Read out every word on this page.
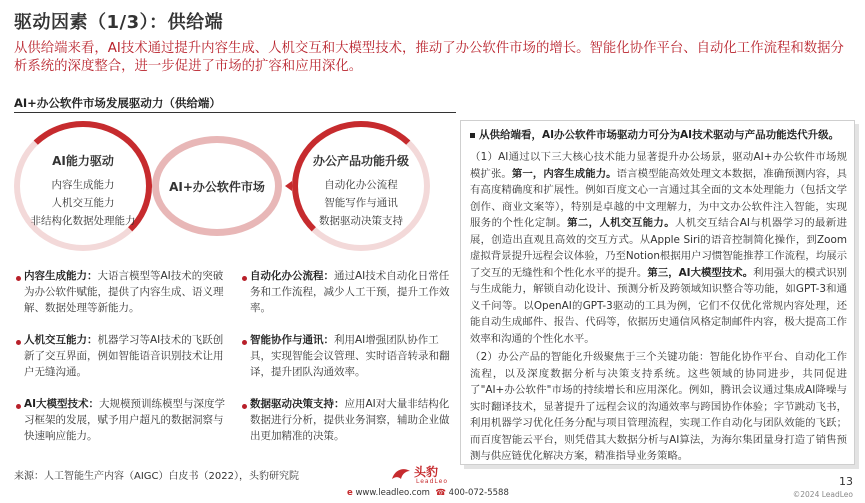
驱动因素（1/3）：供给端
从供给端来看，AI技术通过提升内容生成、人机交互和大模型技术，推动了办公软件市场的增长。智能化协作平台、自动化工作流程和数据分析系统的深度整合，进一步促进了市场的扩容和应用深化。
AI+办公软件市场发展驱动力（供给端）
AI能力驱动
内容生成能力
人机交互能力
非结构化数据处理能力
AI+办公软件市场
办公产品功能升级
自动化办公流程
智能写作与通讯
数据驱动决策支持
内容生成能力：大语言模型等AI技术的突破为办公软件赋能，提供了内容生成、语义理解、数据处理等新能力。
自动化办公流程：通过AI技术自动化日常任务和工作流程，减少人工干预，提升工作效率。
人机交互能力：机器学习等AI技术的飞跃创新了交互界面，例如智能语音识别技术让用户无缝沟通。
智能协作与通讯：利用AI增强团队协作工具，实现智能会议管理、实时语音转录和翻译，提升团队沟通效率。
AI大模型技术：大规模预训练模型与深度学习框架的发展，赋予用户超凡的数据洞察与快速响应能力。
数据驱动决策支持：应用AI对大量非结构化数据进行分析，提供业务洞察，辅助企业做出更加精准的决策。
从供给端看，AI办公软件市场驱动力可分为AI技术驱动与产品功能迭代升级。
（1）AI通过以下三大核心技术能力显著提升办公场景，驱动AI+办公软件市场规模扩张。第一，内容生成能力。语言模型能高效处理文本数据，准确预测内容，具有高度精确度和扩展性。例如百度文心一言通过其全面的文本处理能力（包括文学创作、商业文案等），特别是卓越的中文理解力，为中文办公软件注入智能，实现服务的个性化定制。第二，人机交互能力。人机交互结合AI与机器学习的最新进展，创造出直观且高效的交互方式。从Apple Siri的语音控制简化操作，到Zoom虚拟背景提升远程会议体验，乃至Notion根据用户习惯智能推荐工作流程，均展示了交互的无缝性和个性化水平的提升。第三，AI大模型技术。利用强大的模式识别与生成能力，解锁自动化设计、预测分析及跨领域知识整合等功能，如GPT-3和通义千问等。以OpenAI的GPT-3驱动的工具为例，它们不仅优化常规内容处理，还能自动生成邮件、报告、代码等，依据历史通信风格定制邮件内容，极大提高工作效率和沟通的个性化水平。
（2）办公产品的智能化升级聚焦于三个关键功能：智能化协作平台、自动化工作流程，以及深度数据分析与决策支持系统。这些领域的协同进步，共同促进了"AI+办公软件"市场的持续增长和应用深化。例如，腾讯会议通过集成AI降噪与实时翻译技术，显著提升了远程会议的沟通效率与跨国协作体验；字节跳动飞书，利用机器学习优化任务分配与项目管理流程，实现工作自动化与团队效能的飞跃；而百度智能云平台，则凭借其大数据分析与AI算法，为海尔集团量身打造了销售预测与供应链优化解决方案，精准指导业务策略。
来源：人工智能生产内容（AIGC）白皮书（2022），头豹研究院	头豹
LeadLeo
e www.leadleo.com ☎ 400-072-5588
13
©2024 LeadLeo
